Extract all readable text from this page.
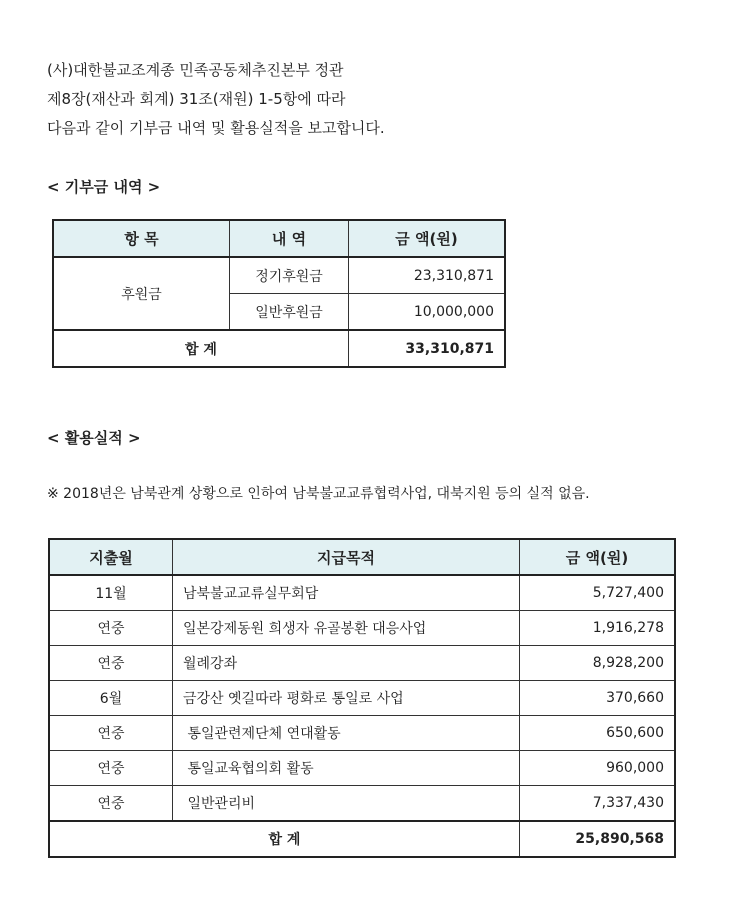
(사)대한불교조계종 민족공동체추진본부 정관
제8장(재산과 회계) 31조(재원) 1-5항에 따라
다음과 같이 기부금 내역 및 활용실적을 보고합니다.
< 기부금 내역 >
항 목	내 역	금 액(원)
후원금	정기후원금	23,310,871
	일반후원금	10,000,000
합 계		33,310,871
< 활용실적 >
※ 2018년은 남북관계 상황으로 인하여 남북불교교류협력사업, 대북지원 등의 실적 없음.
지출월	지급목적	금 액(원)
11월	남북불교교류실무회담	5,727,400
연중	일본강제동원 희생자 유골봉환 대응사업	1,916,278
연중	월례강좌	8,928,200
6월	금강산 옛길따라 평화로 통일로 사업	370,660
연중	통일관련제단체 연대활동	650,600
연중	통일교육협의회 활동	960,000
연중	일반관리비	7,337,430
합 계		25,890,568
